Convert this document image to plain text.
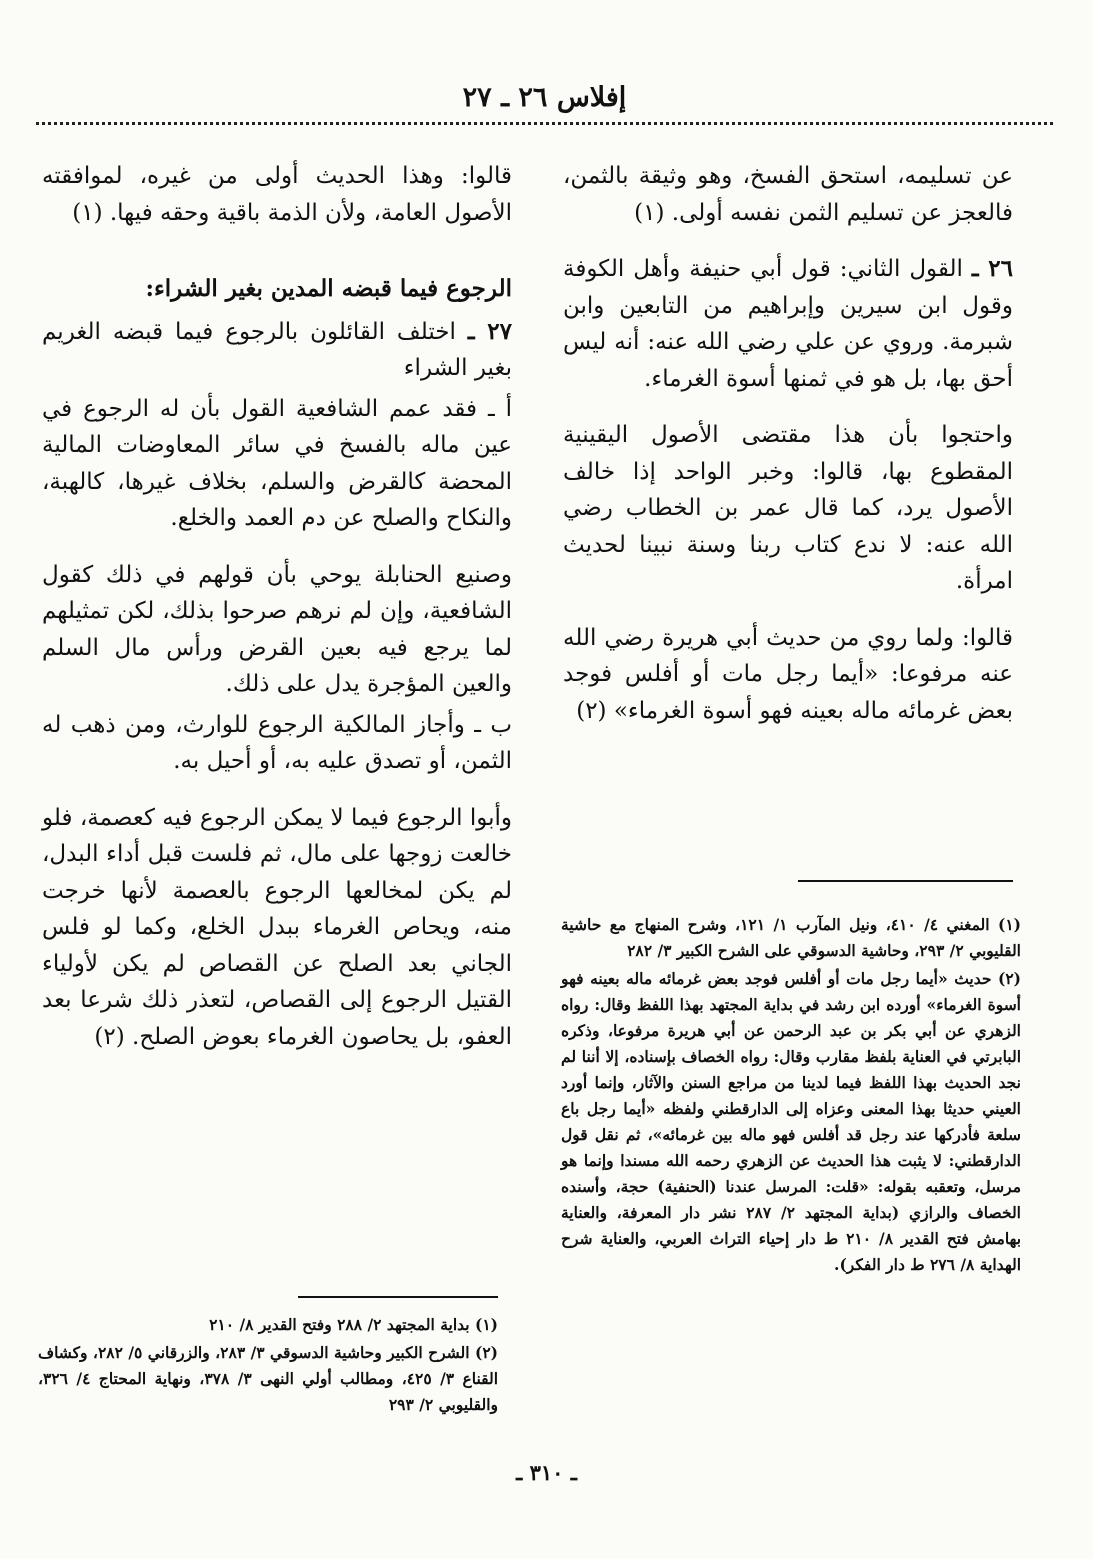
إفلاس ٢٦ ـ ٢٧

عن تسليمه، استحق الفسخ، وهو وثيقة بالثمن، فالعجز عن تسليم الثمن نفسه أولى. (١)

٢٦ ـ القول الثاني: قول أبي حنيفة وأهل الكوفة وقول ابن سيرين وإبراهيم من التابعين وابن شبرمة. وروي عن علي رضي الله عنه: أنه ليس أحق بها، بل هو في ثمنها أسوة الغرماء.

واحتجوا بأن هذا مقتضى الأصول اليقينية المقطوع بها، قالوا: وخبر الواحد إذا خالف الأصول يرد، كما قال عمر بن الخطاب رضي الله عنه: لا ندع كتاب ربنا وسنة نبينا لحديث امرأة.

قالوا: ولما روي من حديث أبي هريرة رضي الله عنه مرفوعا: «أيما رجل مات أو أفلس فوجد بعض غرمائه ماله بعينه فهو أسوة الغرماء» (٢)

قالوا: وهذا الحديث أولى من غيره، لموافقته الأصول العامة، ولأن الذمة باقية وحقه فيها. (١)

الرجوع فيما قبضه المدين بغير الشراء:

٢٧ ـ اختلف القائلون بالرجوع فيما قبضه الغريم بغير الشراء

أ ـ فقد عمم الشافعية القول بأن له الرجوع في عين ماله بالفسخ في سائر المعاوضات المالية المحضة كالقرض والسلم، بخلاف غيرها، كالهبة، والنكاح والصلح عن دم العمد والخلع.

وصنيع الحنابلة يوحي بأن قولهم في ذلك كقول الشافعية، وإن لم نرهم صرحوا بذلك، لكن تمثيلهم لما يرجع فيه بعين القرض ورأس مال السلم والعين المؤجرة يدل على ذلك.

ب ـ وأجاز المالكية الرجوع للوارث، ومن ذهب له الثمن، أو تصدق عليه به، أو أحيل به.

وأبوا الرجوع فيما لا يمكن الرجوع فيه كعصمة، فلو خالعت زوجها على مال، ثم فلست قبل أداء البدل، لم يكن لمخالعها الرجوع بالعصمة لأنها خرجت منه، ويحاص الغرماء ببدل الخلع، وكما لو فلس الجاني بعد الصلح عن القصاص لم يكن لأولياء القتيل الرجوع إلى القصاص، لتعذر ذلك شرعا بعد العفو، بل يحاصون الغرماء بعوض الصلح. (٢)

(١) المغني ٤/ ٤١٠، ونيل المآرب ١/ ١٢١، وشرح المنهاج مع حاشية القليوبي ٢/ ٢٩٣، وحاشية الدسوقي على الشرح الكبير ٣/ ٢٨٢

(٢) حديث «أيما رجل مات أو أفلس فوجد بعض غرمائه ماله بعينه فهو أسوة الغرماء» أورده ابن رشد في بداية المجتهد بهذا اللفظ وقال: رواه الزهري عن أبي بكر بن عبد الرحمن عن أبي هريرة مرفوعا، وذكره البابرتي في العناية بلفظ مقارب وقال: رواه الخصاف بإسناده، إلا أننا لم نجد الحديث بهذا اللفظ فيما لدينا من مراجع السنن والآثار، وإنما أورد العيني حديثا بهذا المعنى وعزاه إلى الدارقطني ولفظه «أيما رجل باع سلعة فأدركها عند رجل قد أفلس فهو ماله بين غرمائه»، ثم نقل قول الدارقطني: لا يثبت هذا الحديث عن الزهري رحمه الله مسندا وإنما هو مرسل، وتعقبه بقوله: «قلت: المرسل عندنا (الحنفية) حجة، وأسنده الخصاف والرازي (بداية المجتهد ٢/ ٢٨٧ نشر دار المعرفة، والعناية بهامش فتح القدير ٨/ ٢١٠ ط دار إحياء التراث العربي، والعناية شرح الهداية ٨/ ٢٧٦ ط دار الفكر).

(١) بداية المجتهد ٢/ ٢٨٨ وفتح القدير ٨/ ٢١٠

(٢) الشرح الكبير وحاشية الدسوقي ٣/ ٢٨٣، والزرقاني ٥/ ٢٨٢، وكشاف القناع ٣/ ٤٢٥، ومطالب أولي النهى ٣/ ٣٧٨، ونهاية المحتاج ٤/ ٣٢٦، والقليوبي ٢/ ٢٩٣

ـ ٣١٠ ـ
